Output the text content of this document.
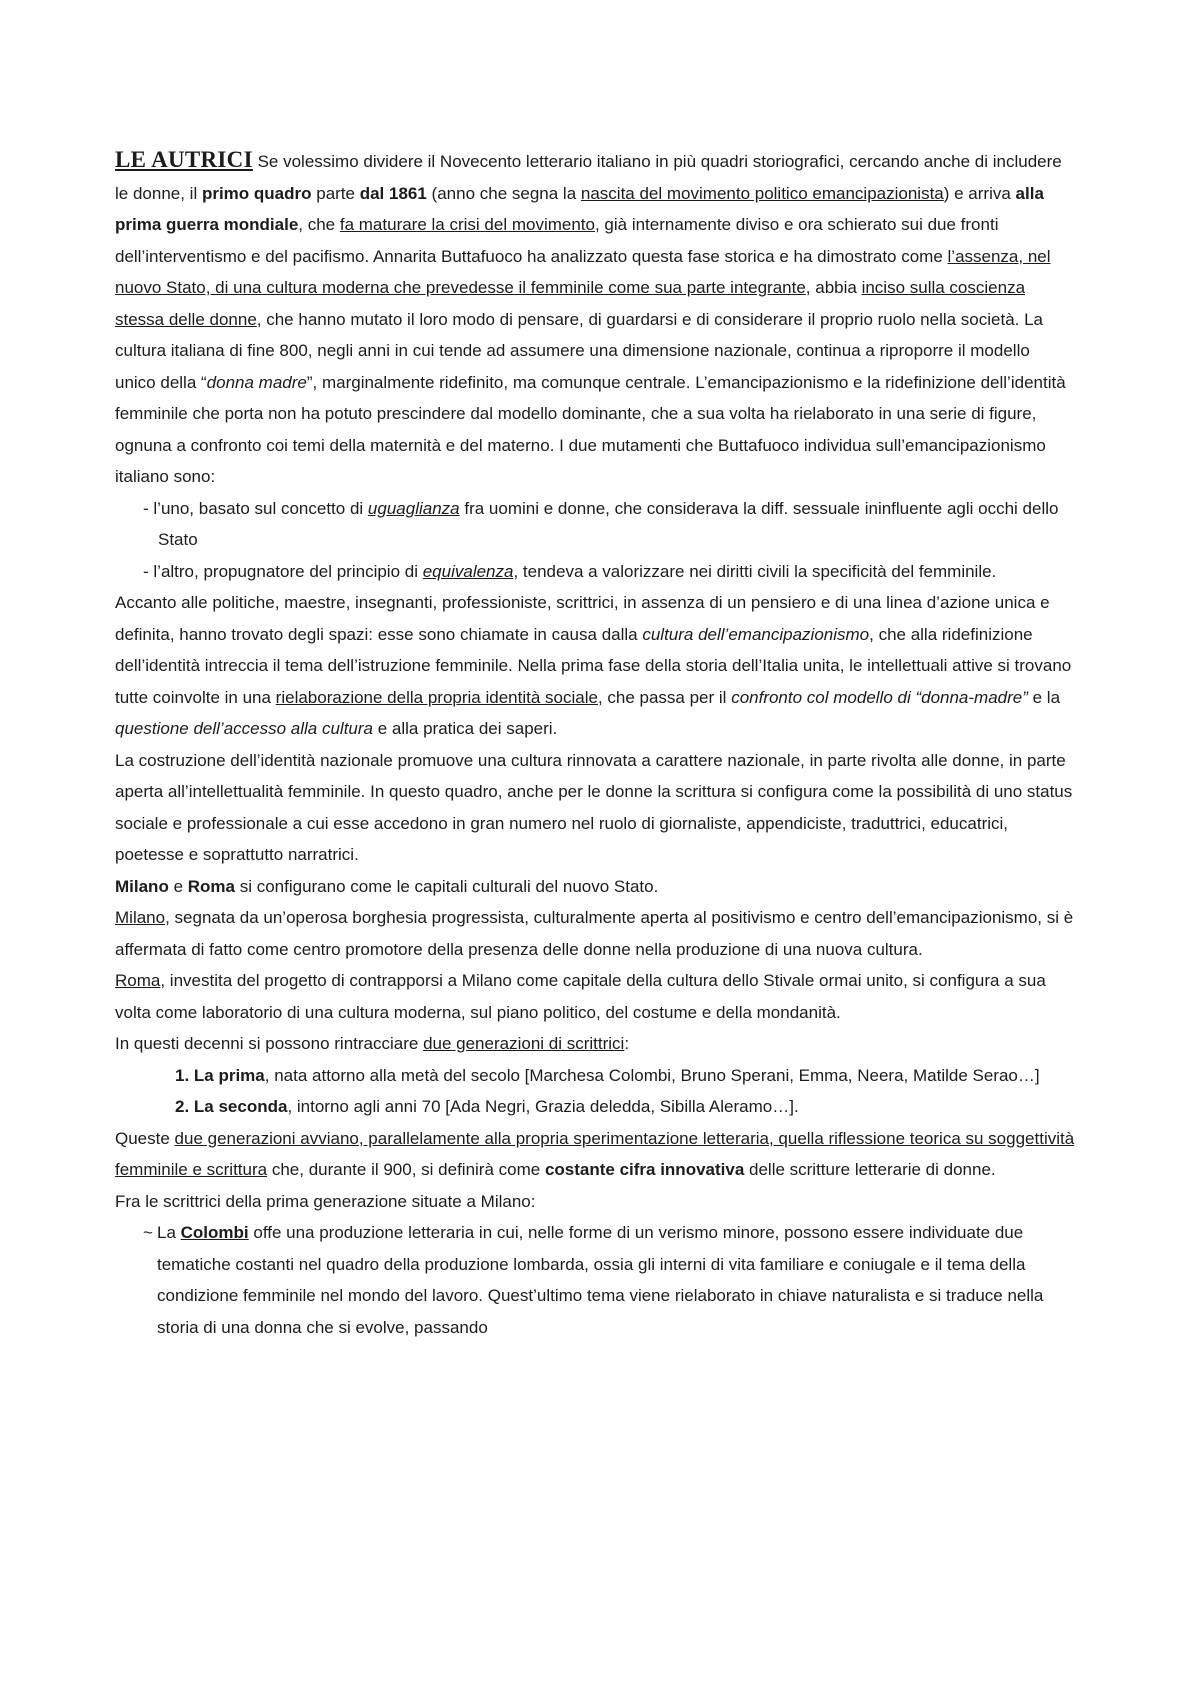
LE AUTRICI Se volessimo dividere il Novecento letterario italiano in più quadri storiografici, cercando anche di includere le donne, il primo quadro parte dal 1861 (anno che segna la nascita del movimento politico emancipazionista) e arriva alla prima guerra mondiale, che fa maturare la crisi del movimento, già internamente diviso e ora schierato sui due fronti dell’interventismo e del pacifismo. Annarita Buttafuoco ha analizzato questa fase storica e ha dimostrato come l’assenza, nel nuovo Stato, di una cultura moderna che prevedesse il femminile come sua parte integrante, abbia inciso sulla coscienza stessa delle donne, che hanno mutato il loro modo di pensare, di guardarsi e di considerare il proprio ruolo nella società. La cultura italiana di fine 800, negli anni in cui tende ad assumere una dimensione nazionale, continua a riproporre il modello unico della “donna madre”, marginalmente ridefinito, ma comunque centrale. L’emancipazionismo e la ridefinizione dell’identità femminile che porta non ha potuto prescindere dal modello dominante, che a sua volta ha rielaborato in una serie di figure, ognuna a confronto coi temi della maternità e del materno. I due mutamenti che Buttafuoco individua sull’emancipazionismo italiano sono:

- l’uno, basato sul concetto di uguaglianza fra uomini e donne, che considerava la diff. sessuale ininfluente agli occhi dello Stato

- l’altro, propugnatore del principio di equivalenza, tendeva a valorizzare nei diritti civili la specificità del femminile.

Accanto alle politiche, maestre, insegnanti, professioniste, scrittrici, in assenza di un pensiero e di una linea d’azione unica e definita, hanno trovato degli spazi: esse sono chiamate in causa dalla cultura dell’emancipazionismo, che alla ridefinizione dell’identità intreccia il tema dell’istruzione femminile. Nella prima fase della storia dell’Italia unita, le intellettuali attive si trovano tutte coinvolte in una rielaborazione della propria identità sociale, che passa per il confronto col modello di “donna-madre” e la questione dell’accesso alla cultura e alla pratica dei saperi.

La costruzione dell’identità nazionale promuove una cultura rinnovata a carattere nazionale, in parte rivolta alle donne, in parte aperta all’intellettualità femminile. In questo quadro, anche per le donne la scrittura si configura come la possibilità di uno status sociale e professionale a cui esse accedono in gran numero nel ruolo di giornaliste, appendiciste, traduttrici, educatrici, poetesse e soprattutto narratrici.

Milano e Roma si configurano come le capitali culturali del nuovo Stato.

Milano, segnata da un’operosa borghesia progressista, culturalmente aperta al positivismo e centro dell’emancipazionismo, si è affermata di fatto come centro promotore della presenza delle donne nella produzione di una nuova cultura.

Roma, investita del progetto di contrapporsi a Milano come capitale della cultura dello Stivale ormai unito, si configura a sua volta come laboratorio di una cultura moderna, sul piano politico, del costume e della mondanità.

In questi decenni si possono rintracciare due generazioni di scrittrici:

1. La prima, nata attorno alla metà del secolo [Marchesa Colombi, Bruno Sperani, Emma, Neera, Matilde Serao…]

2. La seconda, intorno agli anni 70 [Ada Negri, Grazia deledda, Sibilla Aleramo…].

Queste due generazioni avviano, parallelamente alla propria sperimentazione letteraria, quella riflessione teorica su soggettività femminile e scrittura che, durante il 900, si definirà come costante cifra innovativa delle scritture letterarie di donne.

Fra le scrittrici della prima generazione situate a Milano:

~ La Colombi offe una produzione letteraria in cui, nelle forme di un verismo minore, possono essere individuate due tematiche costanti nel quadro della produzione lombarda, ossia gli interni di vita familiare e coniugale e il tema della condizione femminile nel mondo del lavoro. Quest’ultimo tema viene rielaborato in chiave naturalista e si traduce nella storia di una donna che si evolve, passando
